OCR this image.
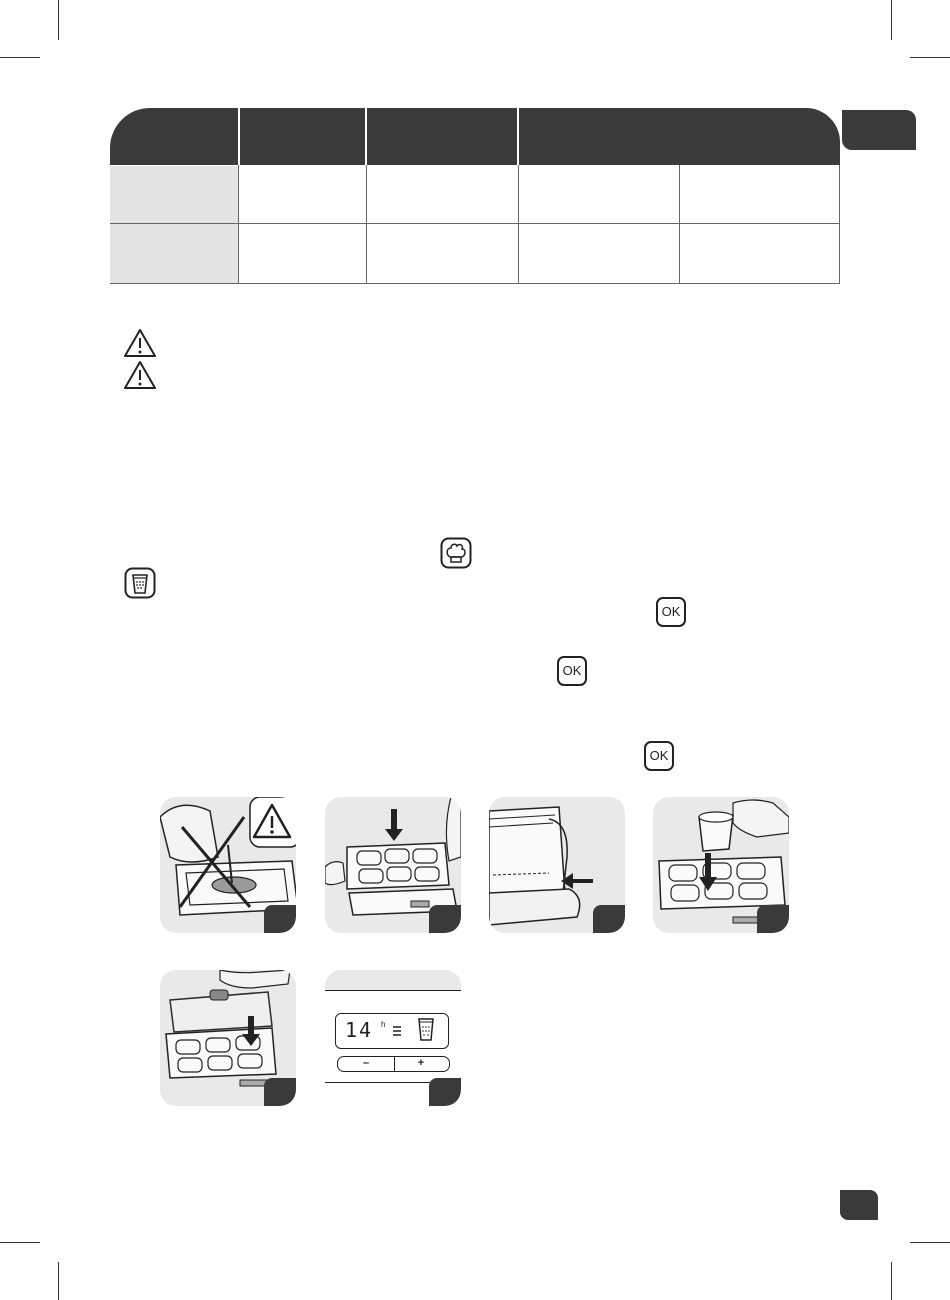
OK
OK
OK
14 h
–	+
